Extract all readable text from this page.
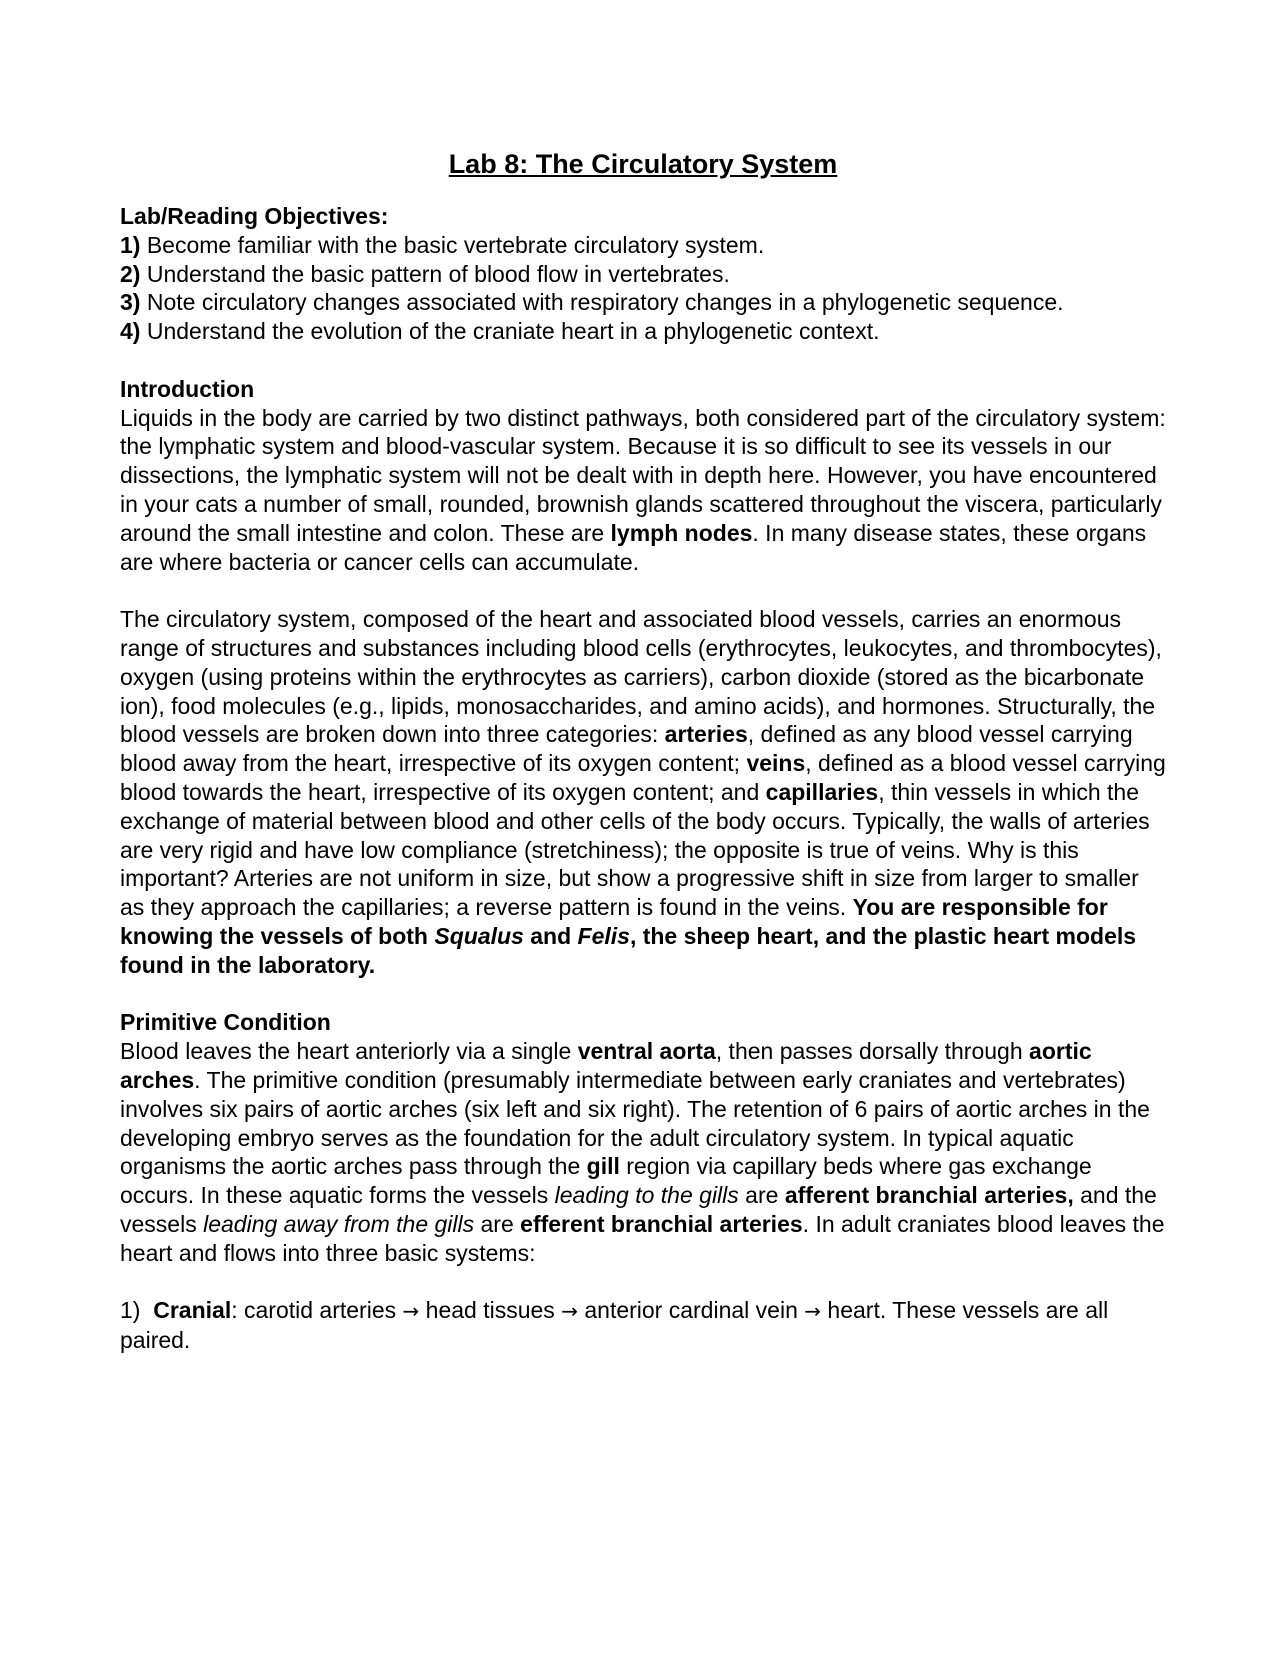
Lab 8: The Circulatory System

Lab/Reading Objectives:

1) Become familiar with the basic vertebrate circulatory system.

2) Understand the basic pattern of blood flow in vertebrates.

3) Note circulatory changes associated with respiratory changes in a phylogenetic sequence.

4) Understand the evolution of the craniate heart in a phylogenetic context.

Introduction

Liquids in the body are carried by two distinct pathways, both considered part of the circulatory system: the lymphatic system and blood-vascular system. Because it is so difficult to see its vessels in our dissections, the lymphatic system will not be dealt with in depth here. However, you have encountered in your cats a number of small, rounded, brownish glands scattered throughout the viscera, particularly around the small intestine and colon. These are lymph nodes. In many disease states, these organs are where bacteria or cancer cells can accumulate.

The circulatory system, composed of the heart and associated blood vessels, carries an enormous range of structures and substances including blood cells (erythrocytes, leukocytes, and thrombocytes), oxygen (using proteins within the erythrocytes as carriers), carbon dioxide (stored as the bicarbonate ion), food molecules (e.g., lipids, monosaccharides, and amino acids), and hormones. Structurally, the blood vessels are broken down into three categories: arteries, defined as any blood vessel carrying blood away from the heart, irrespective of its oxygen content; veins, defined as a blood vessel carrying blood towards the heart, irrespective of its oxygen content; and capillaries, thin vessels in which the exchange of material between blood and other cells of the body occurs. Typically, the walls of arteries are very rigid and have low compliance (stretchiness); the opposite is true of veins. Why is this important? Arteries are not uniform in size, but show a progressive shift in size from larger to smaller as they approach the capillaries; a reverse pattern is found in the veins. You are responsible for knowing the vessels of both Squalus and Felis, the sheep heart, and the plastic heart models found in the laboratory.

Primitive Condition

Blood leaves the heart anteriorly via a single ventral aorta, then passes dorsally through aortic arches. The primitive condition (presumably intermediate between early craniates and vertebrates) involves six pairs of aortic arches (six left and six right). The retention of 6 pairs of aortic arches in the developing embryo serves as the foundation for the adult circulatory system. In typical aquatic organisms the aortic arches pass through the gill region via capillary beds where gas exchange occurs. In these aquatic forms the vessels leading to the gills are afferent branchial arteries, and the vessels leading away from the gills are efferent branchial arteries. In adult craniates blood leaves the heart and flows into three basic systems:

1)  Cranial: carotid arteries → head tissues → anterior cardinal vein → heart. These vessels are all paired.
